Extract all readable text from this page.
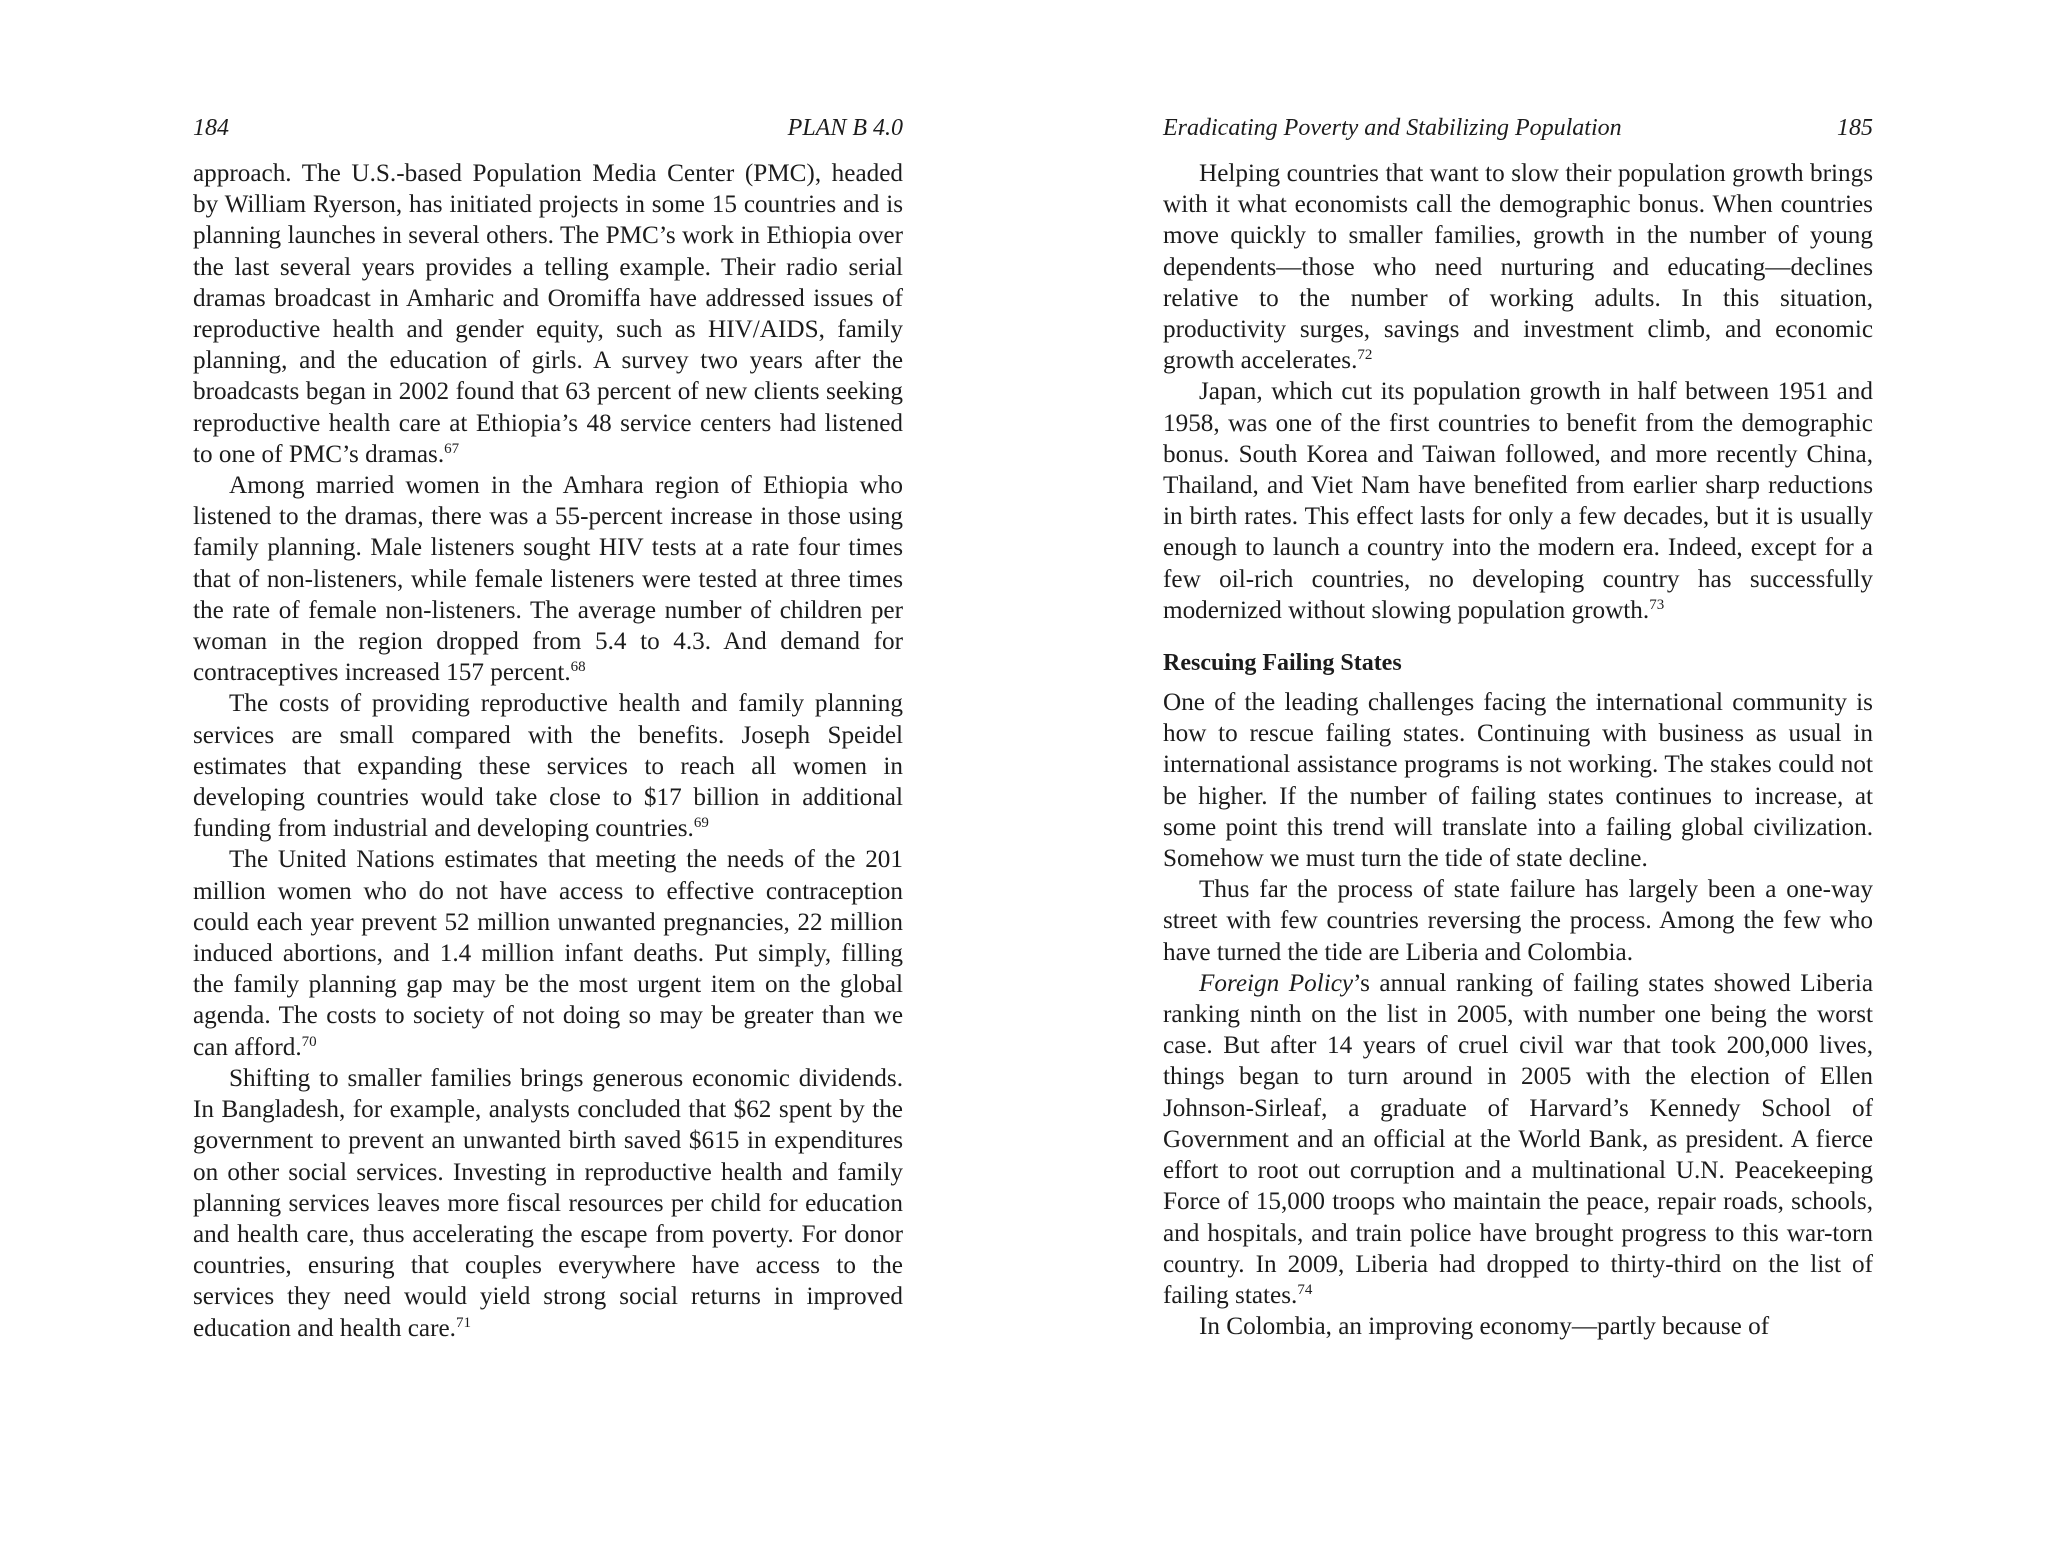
184	PLAN B 4.0

approach. The U.S.-based Population Media Center (PMC), headed by William Ryerson, has initiated projects in some 15 countries and is planning launches in several others. The PMC’s work in Ethiopia over the last several years provides a telling example. Their radio serial dramas broadcast in Amharic and Oromiffa have addressed issues of reproductive health and gender equity, such as HIV/AIDS, family planning, and the education of girls. A survey two years after the broadcasts began in 2002 found that 63 percent of new clients seeking reproductive health care at Ethiopia’s 48 service centers had listened to one of PMC’s dramas.$^{67}$

Among married women in the Amhara region of Ethiopia who listened to the dramas, there was a 55-percent increase in those using family planning. Male listeners sought HIV tests at a rate four times that of non-listeners, while female listeners were tested at three times the rate of female non-listeners. The average number of children per woman in the region dropped from 5.4 to 4.3. And demand for contraceptives increased 157 percent.$^{68}$

The costs of providing reproductive health and family planning services are small compared with the benefits. Joseph Speidel estimates that expanding these services to reach all women in developing countries would take close to $17 billion in additional funding from industrial and developing countries.$^{69}$

The United Nations estimates that meeting the needs of the 201 million women who do not have access to effective contraception could each year prevent 52 million unwanted pregnancies, 22 million induced abortions, and 1.4 million infant deaths. Put simply, filling the family planning gap may be the most urgent item on the global agenda. The costs to society of not doing so may be greater than we can afford.$^{70}$

Shifting to smaller families brings generous economic dividends. In Bangladesh, for example, analysts concluded that $62 spent by the government to prevent an unwanted birth saved $615 in expenditures on other social services. Investing in reproductive health and family planning services leaves more fiscal resources per child for education and health care, thus accelerating the escape from poverty. For donor countries, ensuring that couples everywhere have access to the services they need would yield strong social returns in improved education and health care.$^{71}$

Eradicating Poverty and Stabilizing Population	185

Helping countries that want to slow their population growth brings with it what economists call the demographic bonus. When countries move quickly to smaller families, growth in the number of young dependents—those who need nurturing and educating—declines relative to the number of working adults. In this situation, productivity surges, savings and investment climb, and economic growth accelerates.$^{72}$

Japan, which cut its population growth in half between 1951 and 1958, was one of the first countries to benefit from the demographic bonus. South Korea and Taiwan followed, and more recently China, Thailand, and Viet Nam have benefited from earlier sharp reductions in birth rates. This effect lasts for only a few decades, but it is usually enough to launch a country into the modern era. Indeed, except for a few oil-rich countries, no developing country has successfully modernized without slowing population growth.$^{73}$

Rescuing Failing States

One of the leading challenges facing the international community is how to rescue failing states. Continuing with business as usual in international assistance programs is not working. The stakes could not be higher. If the number of failing states continues to increase, at some point this trend will translate into a failing global civilization. Somehow we must turn the tide of state decline.

Thus far the process of state failure has largely been a one-way street with few countries reversing the process. Among the few who have turned the tide are Liberia and Colombia.

Foreign Policy’s annual ranking of failing states showed Liberia ranking ninth on the list in 2005, with number one being the worst case. But after 14 years of cruel civil war that took 200,000 lives, things began to turn around in 2005 with the election of Ellen Johnson-Sirleaf, a graduate of Harvard’s Kennedy School of Government and an official at the World Bank, as president. A fierce effort to root out corruption and a multinational U.N. Peacekeeping Force of 15,000 troops who maintain the peace, repair roads, schools, and hospitals, and train police have brought progress to this war-torn country. In 2009, Liberia had dropped to thirty-third on the list of failing states.$^{74}$

In Colombia, an improving economy—partly because of
